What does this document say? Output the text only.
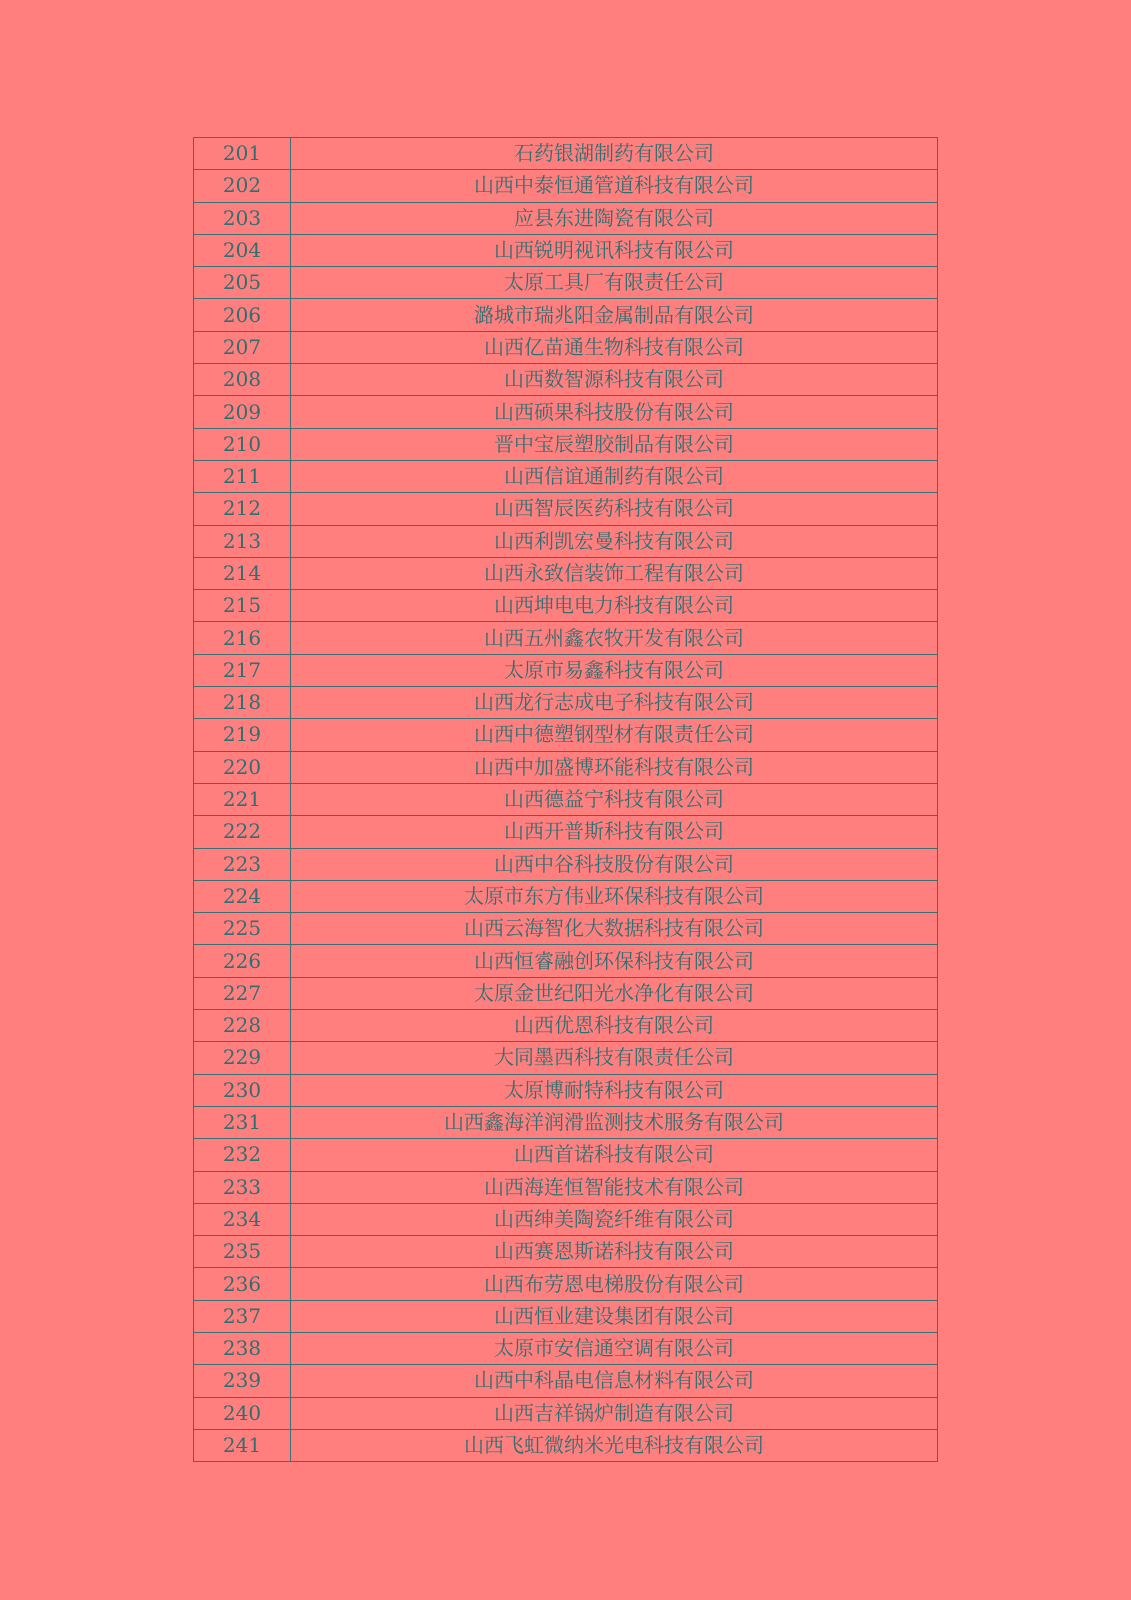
201	石药银湖制药有限公司
202	山西中泰恒通管道科技有限公司
203	应县东进陶瓷有限公司
204	山西锐明视讯科技有限公司
205	太原工具厂有限责任公司
206	潞城市瑞兆阳金属制品有限公司
207	山西亿苗通生物科技有限公司
208	山西数智源科技有限公司
209	山西硕果科技股份有限公司
210	晋中宝辰塑胶制品有限公司
211	山西信谊通制药有限公司
212	山西智辰医药科技有限公司
213	山西利凯宏曼科技有限公司
214	山西永致信装饰工程有限公司
215	山西坤电电力科技有限公司
216	山西五州鑫农牧开发有限公司
217	太原市易鑫科技有限公司
218	山西龙行志成电子科技有限公司
219	山西中德塑钢型材有限责任公司
220	山西中加盛博环能科技有限公司
221	山西德益宁科技有限公司
222	山西开普斯科技有限公司
223	山西中谷科技股份有限公司
224	太原市东方伟业环保科技有限公司
225	山西云海智化大数据科技有限公司
226	山西恒睿融创环保科技有限公司
227	太原金世纪阳光水净化有限公司
228	山西优恩科技有限公司
229	大同墨西科技有限责任公司
230	太原博耐特科技有限公司
231	山西鑫海洋润滑监测技术服务有限公司
232	山西首诺科技有限公司
233	山西海连恒智能技术有限公司
234	山西绅美陶瓷纤维有限公司
235	山西赛恩斯诺科技有限公司
236	山西布劳恩电梯股份有限公司
237	山西恒业建设集团有限公司
238	太原市安信通空调有限公司
239	山西中科晶电信息材料有限公司
240	山西吉祥锅炉制造有限公司
241	山西飞虹微纳米光电科技有限公司
